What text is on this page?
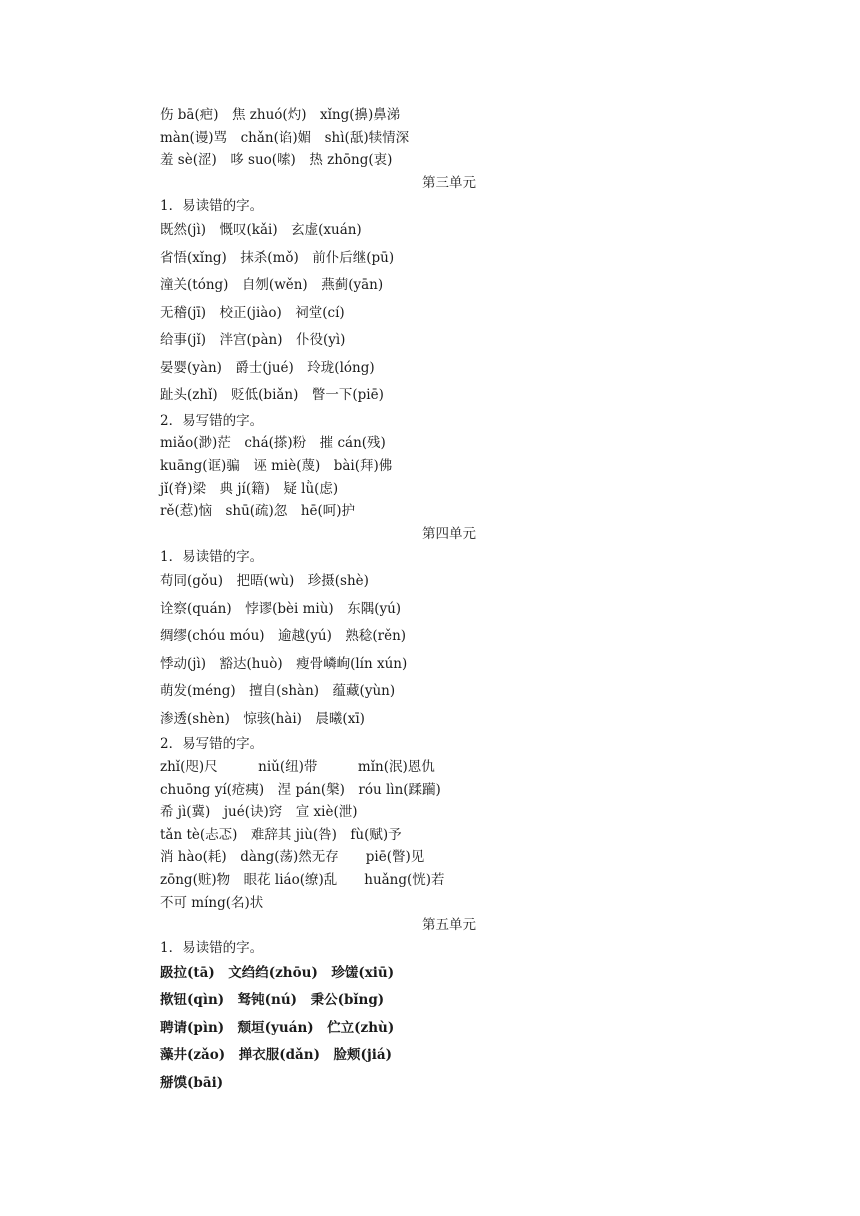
伤 bā(疤)　焦 zhuó(灼)　xǐng(擤)鼻涕
màn(谩)骂　chǎn(谄)媚　shì(舐)犊情深
羞 sè(涩)　哆 suo(嗦)　热 zhōng(衷)
第三单元
1．易读错的字。
既然(jì)　慨叹(kǎi)　玄虚(xuán)
省悟(xǐng)　抹杀(mǒ)　前仆后继(pū)
潼关(tóng)　自刎(wěn)　燕蓟(yān)
无稽(jī)　校正(jiào)　祠堂(cí)
给事(jǐ)　泮宫(pàn)　仆役(yì)
晏婴(yàn)　爵士(jué)　玲珑(lóng)
趾头(zhǐ)　贬低(biǎn)　瞥一下(piē)
2．易写错的字。
miǎo(渺)茫　chá(搽)粉　摧 cán(残)
kuāng(诓)骗　诬 miè(蔑)　bài(拜)佛
jǐ(脊)梁　典 jí(籍)　疑 lǜ(虑)
rě(惹)恼　shū(疏)忽　hē(呵)护
第四单元
1．易读错的字。
苟同(gǒu)　把晤(wù)　珍摄(shè)
诠察(quán)　悖谬(bèi miù)　东隅(yú)
绸缪(chóu móu)　逾越(yú)　熟稔(rěn)
悸动(jì)　豁达(huò)　瘦骨嶙峋(lín xún)
萌发(méng)　擅自(shàn)　蕴藏(yùn)
渗透(shèn)　惊骇(hài)　晨曦(xī)
2．易写错的字。
zhǐ(咫)尺　　　niǔ(纽)带　　　mǐn(泯)恩仇
chuōng yí(疮痍)　涅 pán(槃)　róu lìn(蹂躏)
希 jì(冀)　jué(诀)窍　宣 xiè(泄)
tǎn tè(忐忑)　难辞其 jiù(咎)　fù(赋)予
消 hào(耗)　dàng(荡)然无存　　piē(瞥)见
zōng(赃)物　眼花 liáo(缭)乱　　huǎng(恍)若
不可 míng(名)状
第五单元
1．易读错的字。
趿拉(tā)　文绉绉(zhōu)　珍馐(xiū)
揿钮(qìn)　驽钝(nú)　秉公(bǐng)
聘请(pìn)　颓垣(yuán)　伫立(zhù)
藻井(zǎo)　掸衣服(dǎn)　脸颊(jiá)
掰馍(bāi)
